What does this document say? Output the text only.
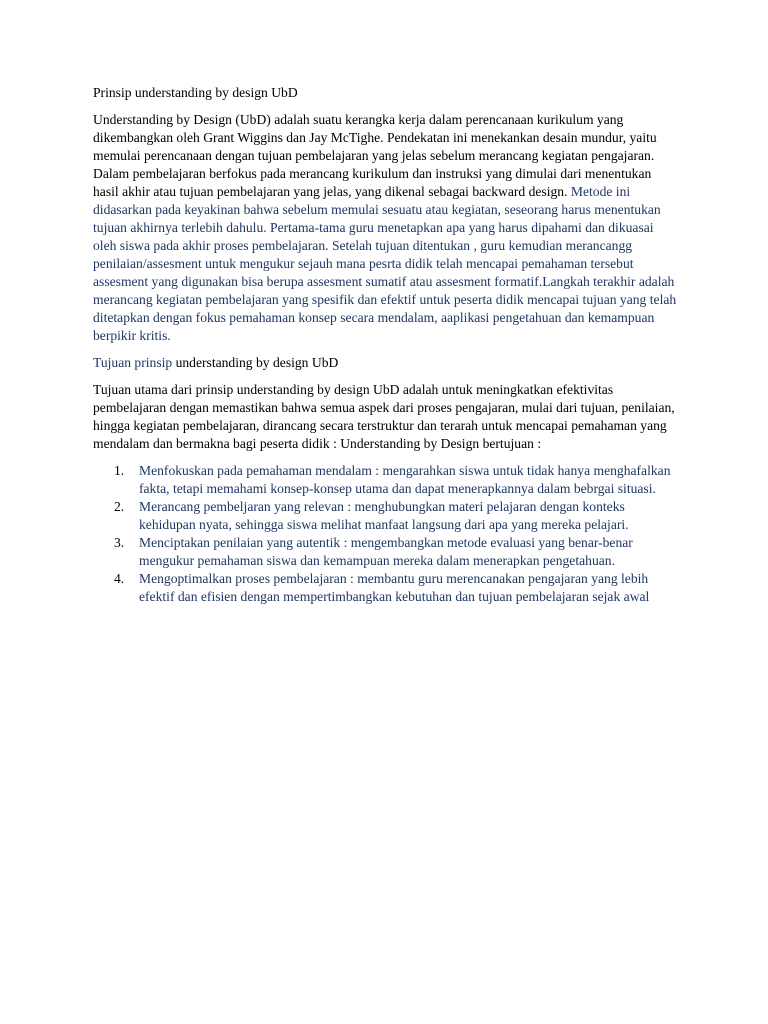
Prinsip understanding by design UbD

Understanding by Design (UbD) adalah suatu kerangka kerja dalam perencanaan kurikulum yang dikembangkan oleh Grant Wiggins dan Jay McTighe. Pendekatan ini menekankan desain mundur, yaitu memulai perencanaan dengan tujuan pembelajaran yang jelas sebelum merancang kegiatan pengajaran. Dalam pembelajaran berfokus pada merancang kurikulum dan instruksi yang dimulai dari menentukan hasil akhir atau tujuan pembelajaran yang jelas, yang dikenal sebagai backward design. Metode ini didasarkan pada keyakinan bahwa sebelum memulai sesuatu atau kegiatan, seseorang harus menentukan tujuan akhirnya terlebih dahulu. Pertama-tama guru menetapkan apa yang harus dipahami dan dikuasai oleh siswa pada akhir proses pembelajaran. Setelah tujuan ditentukan , guru kemudian merancangg penilaian/assesment untuk mengukur sejauh mana pesrta didik telah mencapai pemahaman tersebut assesment yang digunakan bisa berupa assesment sumatif atau assesment formatif.Langkah terakhir adalah merancang kegiatan pembelajaran yang spesifik dan efektif untuk peserta didik mencapai tujuan yang telah ditetapkan dengan fokus pemahaman konsep secara mendalam, aaplikasi pengetahuan dan kemampuan berpikir kritis.

Tujuan prinsip understanding by design UbD

Tujuan utama dari prinsip understanding by design UbD adalah untuk meningkatkan efektivitas pembelajaran dengan memastikan bahwa semua aspek dari proses pengajaran, mulai dari tujuan, penilaian, hingga kegiatan pembelajaran, dirancang secara terstruktur dan terarah untuk mencapai pemahaman yang mendalam dan bermakna bagi peserta didik : Understanding by Design bertujuan :

1. Menfokuskan pada pemahaman mendalam : mengarahkan siswa untuk tidak hanya menghafalkan fakta, tetapi memahami konsep-konsep utama dan dapat menerapkannya dalam bebrgai situasi.
2. Merancang pembeljaran yang relevan : menghubungkan materi pelajaran dengan konteks kehidupan nyata, sehingga siswa melihat manfaat langsung dari apa yang mereka pelajari.
3. Menciptakan penilaian yang autentik : mengembangkan metode evaluasi yang benar-benar mengukur pemahaman siswa dan kemampuan mereka dalam menerapkan pengetahuan.
4. Mengoptimalkan proses pembelajaran : membantu guru merencanakan pengajaran yang lebih efektif dan efisien dengan mempertimbangkan kebutuhan dan tujuan pembelajaran sejak awal
